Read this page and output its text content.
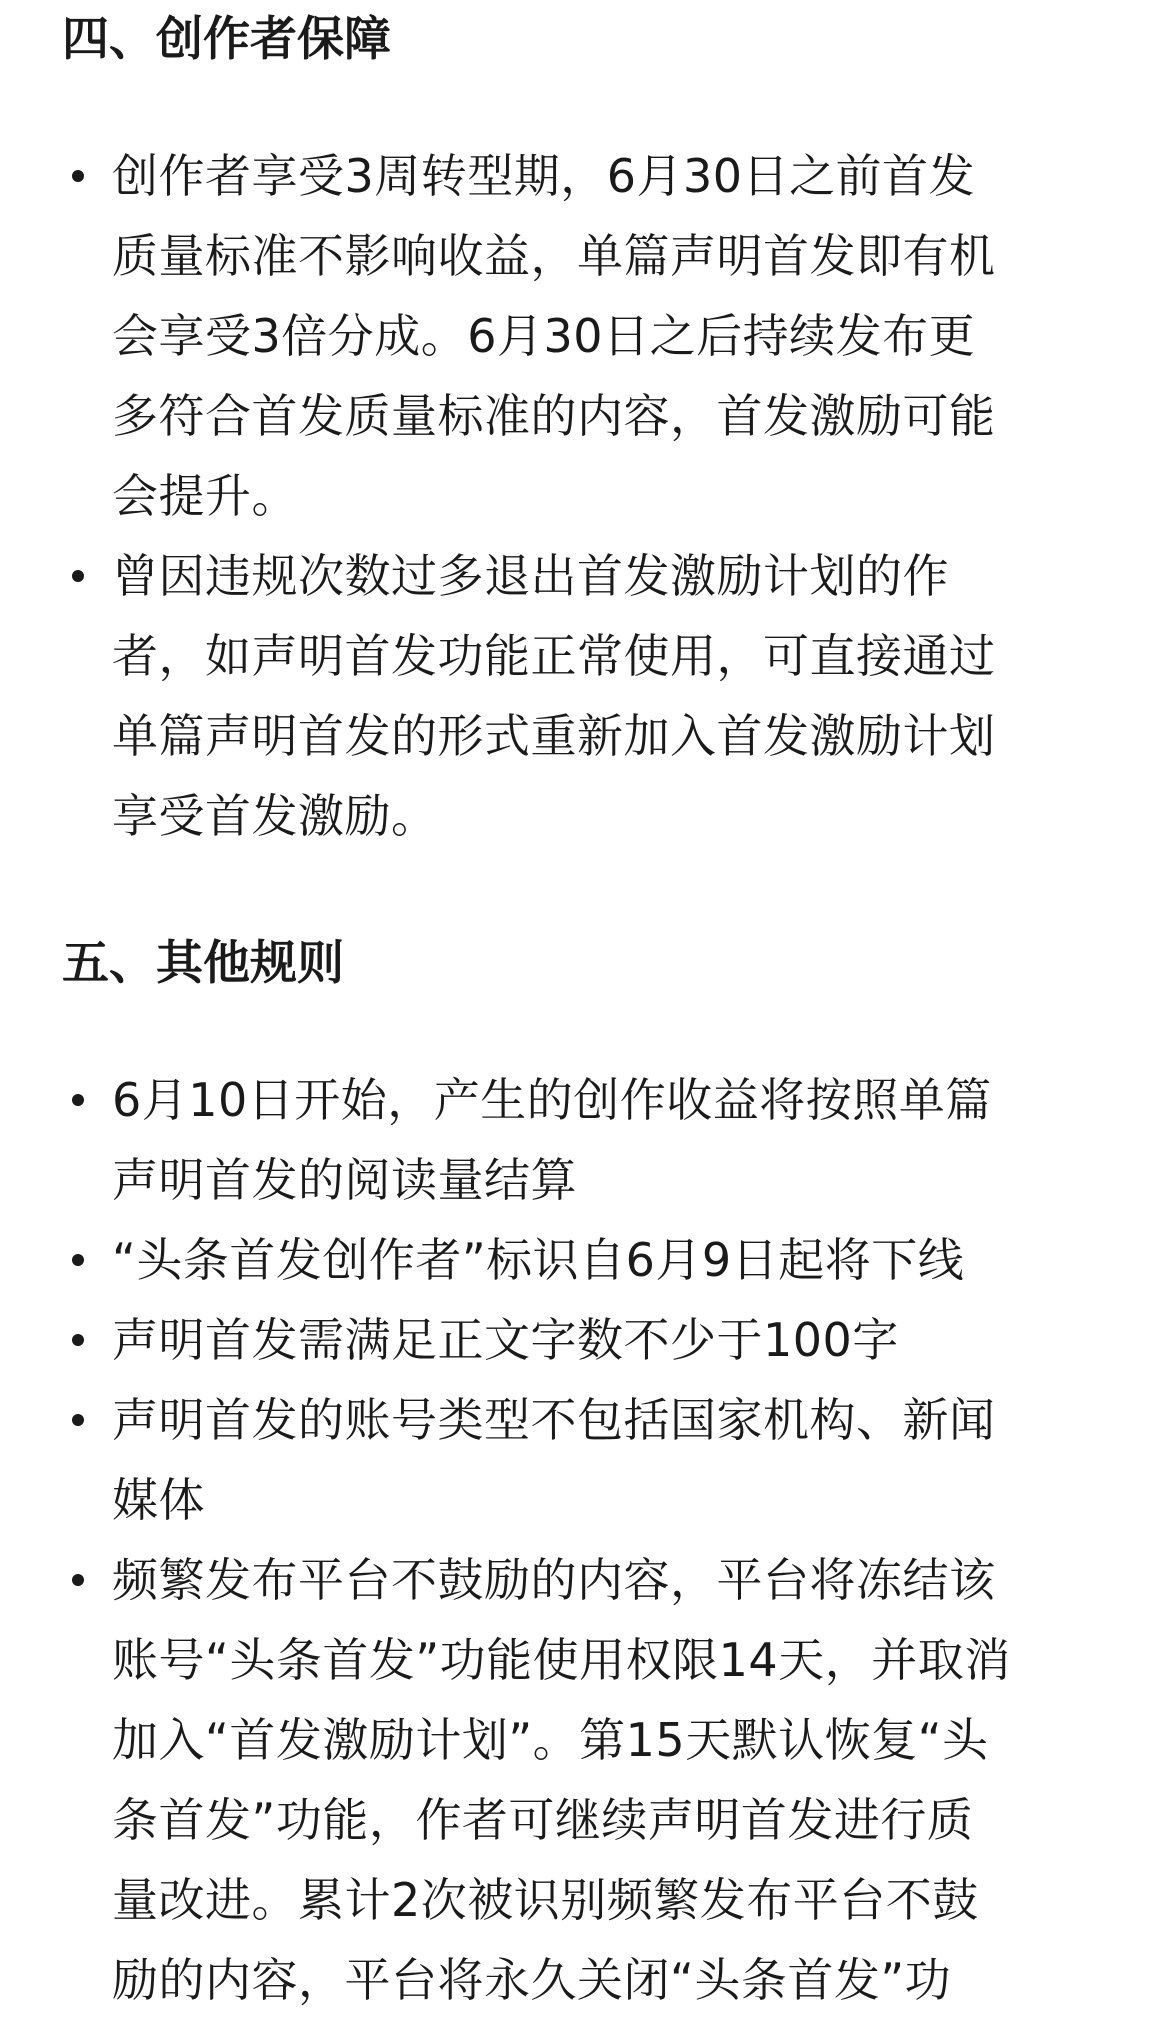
四、创作者保障
创作者享受3周转型期，6月30日之前首发
质量标准不影响收益，单篇声明首发即有机
会享受3倍分成。6月30日之后持续发布更
多符合首发质量标准的内容，首发激励可能
会提升。
曾因违规次数过多退出首发激励计划的作
者，如声明首发功能正常使用，可直接通过
单篇声明首发的形式重新加入首发激励计划
享受首发激励。
五、其他规则
6月10日开始，产生的创作收益将按照单篇
声明首发的阅读量结算
“头条首发创作者”标识自6月9日起将下线
声明首发需满足正文字数不少于100字
声明首发的账号类型不包括国家机构、新闻
媒体
频繁发布平台不鼓励的内容，平台将冻结该
账号“头条首发”功能使用权限14天，并取消
加入“首发激励计划”。第15天默认恢复“头
条首发”功能，作者可继续声明首发进行质
量改进。累计2次被识别频繁发布平台不鼓
励的内容，平台将永久关闭“头条首发”功
